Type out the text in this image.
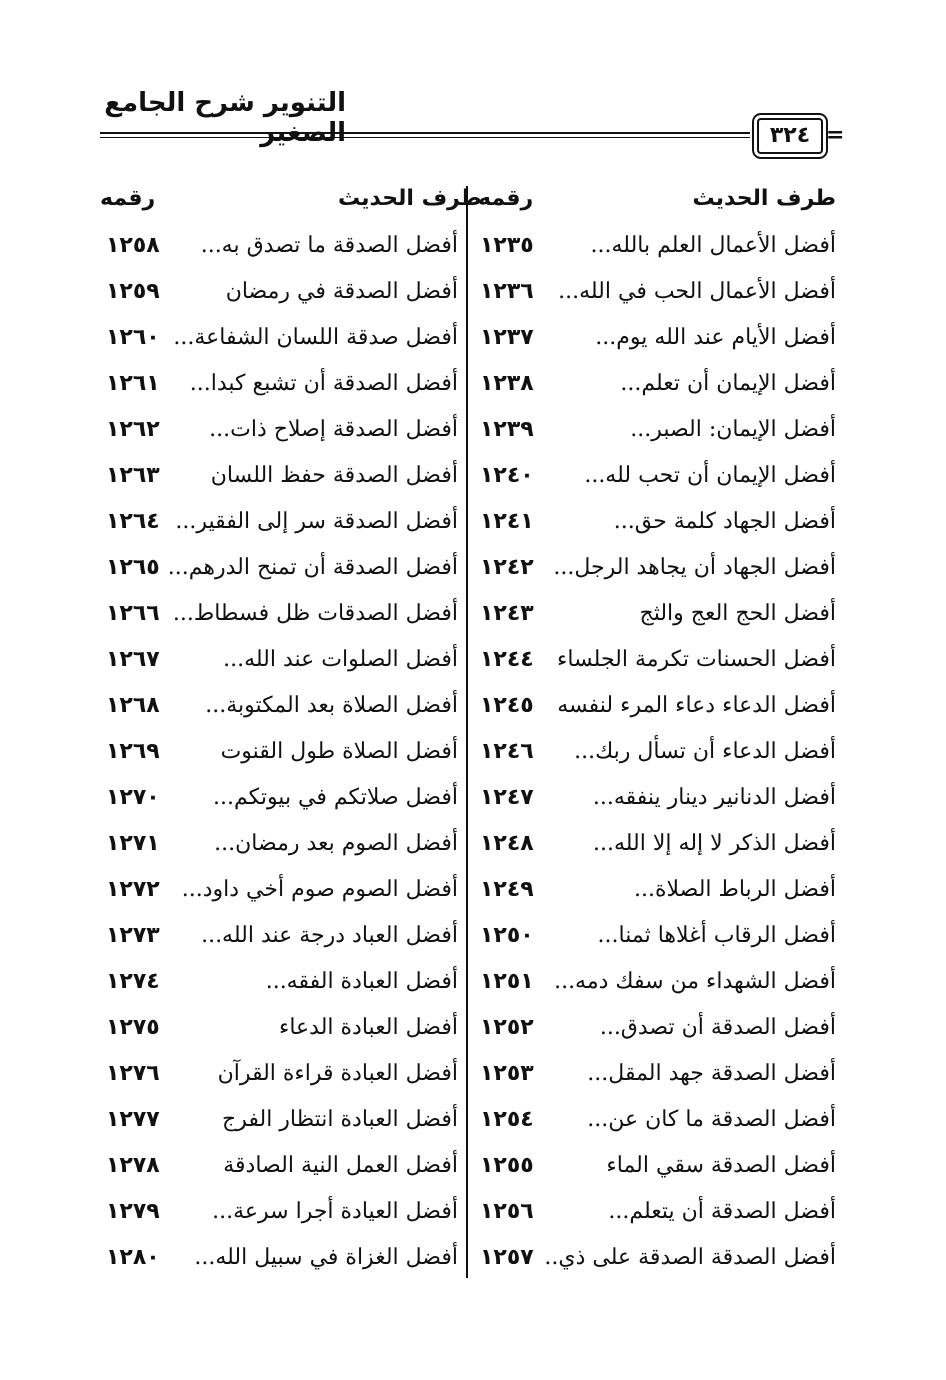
التنوير شرح الجامع الصغير	٣٢٤ =
طرف الحديث
رقمه
طرف الحديث
رقمه
أفضل الأعمال العلم بالله...
١٢٣٥
أفضل الأعمال الحب في الله...
١٢٣٦
أفضل الأيام عند الله يوم...
١٢٣٧
أفضل الإيمان أن تعلم...
١٢٣٨
أفضل الإيمان: الصبر...
١٢٣٩
أفضل الإيمان أن تحب لله...
١٢٤٠
أفضل الجهاد كلمة حق...
١٢٤١
أفضل الجهاد أن يجاهد الرجل...
١٢٤٢
أفضل الحج العج والثج
١٢٤٣
أفضل الحسنات تكرمة الجلساء
١٢٤٤
أفضل الدعاء دعاء المرء لنفسه
١٢٤٥
أفضل الدعاء أن تسأل ربك...
١٢٤٦
أفضل الدنانير دينار ينفقه...
١٢٤٧
أفضل الذكر لا إله إلا الله...
١٢٤٨
أفضل الرباط الصلاة...
١٢٤٩
أفضل الرقاب أغلاها ثمنا...
١٢٥٠
أفضل الشهداء من سفك دمه...
١٢٥١
أفضل الصدقة أن تصدق...
١٢٥٢
أفضل الصدقة جهد المقل...
١٢٥٣
أفضل الصدقة ما كان عن...
١٢٥٤
أفضل الصدقة سقي الماء
١٢٥٥
أفضل الصدقة أن يتعلم...
١٢٥٦
أفضل الصدقة الصدقة على ذي..
١٢٥٧
أفضل الصدقة ما تصدق به...
١٢٥٨
أفضل الصدقة في رمضان
١٢٥٩
أفضل صدقة اللسان الشفاعة...
١٢٦٠
أفضل الصدقة أن تشبع كبدا...
١٢٦١
أفضل الصدقة إصلاح ذات...
١٢٦٢
أفضل الصدقة حفظ اللسان
١٢٦٣
أفضل الصدقة سر إلى الفقير...
١٢٦٤
أفضل الصدقة أن تمنح الدرهم...
١٢٦٥
أفضل الصدقات ظل فسطاط...
١٢٦٦
أفضل الصلوات عند الله...
١٢٦٧
أفضل الصلاة بعد المكتوبة...
١٢٦٨
أفضل الصلاة طول القنوت
١٢٦٩
أفضل صلاتكم في بيوتكم...
١٢٧٠
أفضل الصوم بعد رمضان...
١٢٧١
أفضل الصوم صوم أخي داود...
١٢٧٢
أفضل العباد درجة عند الله...
١٢٧٣
أفضل العبادة الفقه...
١٢٧٤
أفضل العبادة الدعاء
١٢٧٥
أفضل العبادة قراءة القرآن
١٢٧٦
أفضل العبادة انتظار الفرج
١٢٧٧
أفضل العمل النية الصادقة
١٢٧٨
أفضل العيادة أجرا سرعة...
١٢٧٩
أفضل الغزاة في سبيل الله...
١٢٨٠
